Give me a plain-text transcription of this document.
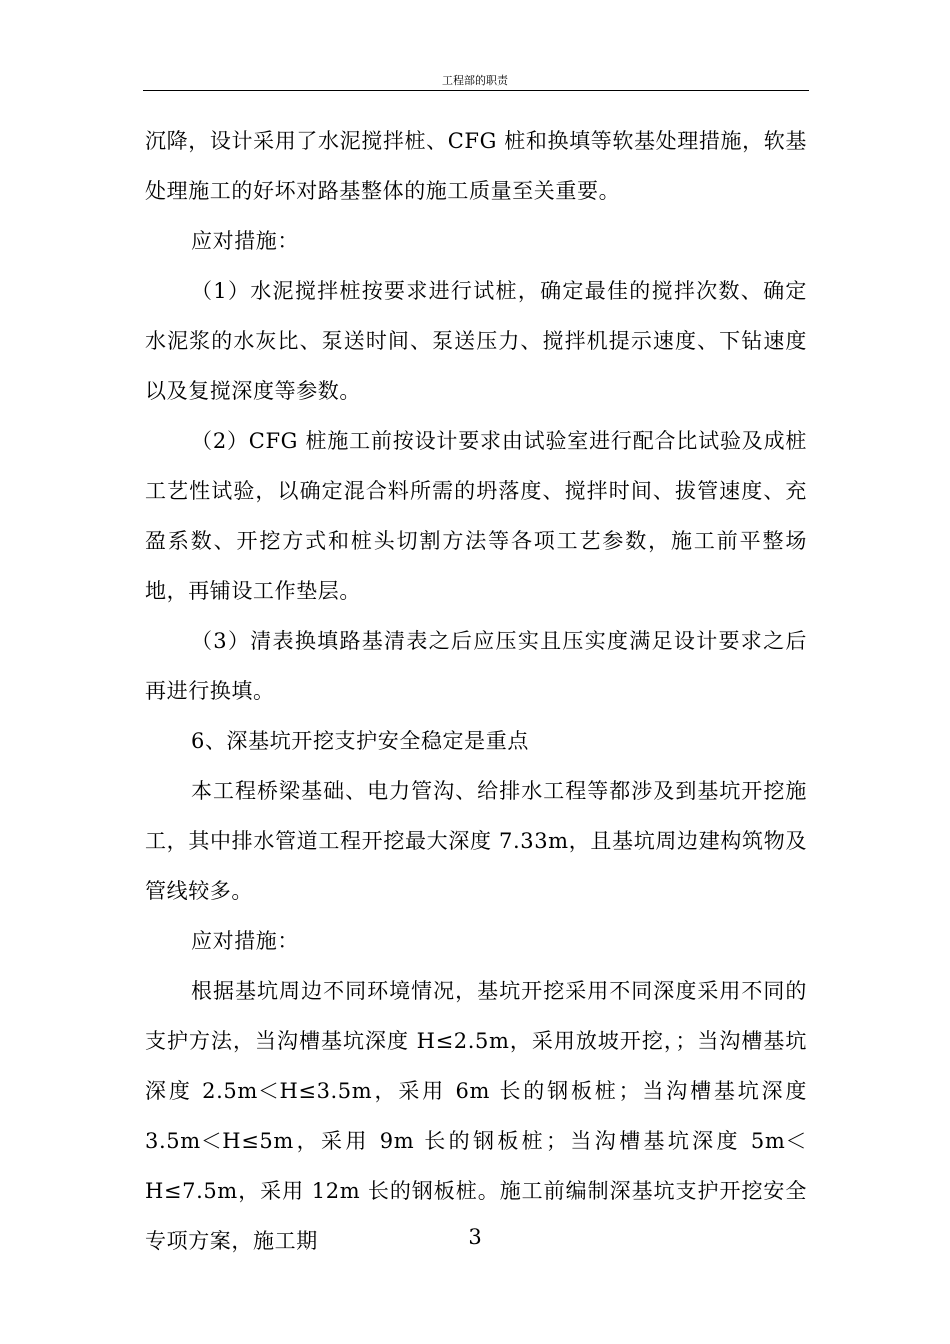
工程部的职责

沉降，设计采用了水泥搅拌桩、CFG 桩和换填等软基处理措施，软基处理施工的好坏对路基整体的施工质量至关重要。

应对措施：

（1）水泥搅拌桩按要求进行试桩，确定最佳的搅拌次数、确定水泥浆的水灰比、泵送时间、泵送压力、搅拌机提示速度、下钻速度以及复搅深度等参数。

（2）CFG 桩施工前按设计要求由试验室进行配合比试验及成桩工艺性试验，以确定混合料所需的坍落度、搅拌时间、拔管速度、充盈系数、开挖方式和桩头切割方法等各项工艺参数，施工前平整场地，再铺设工作垫层。

（3）清表换填路基清表之后应压实且压实度满足设计要求之后再进行换填。

6、深基坑开挖支护安全稳定是重点

本工程桥梁基础、电力管沟、给排水工程等都涉及到基坑开挖施工，其中排水管道工程开挖最大深度 7.33m，且基坑周边建构筑物及管线较多。

应对措施：

根据基坑周边不同环境情况，基坑开挖采用不同深度采用不同的支护方法，当沟槽基坑深度 H≤2.5m，采用放坡开挖，；当沟槽基坑深度 2.5m＜H≤3.5m，采用 6m 长的钢板桩；当沟槽基坑深度 3.5m＜H≤5m，采用 9m 长的钢板桩；当沟槽基坑深度 5m＜H≤7.5m，采用 12m 长的钢板桩。施工前编制深基坑支护开挖安全专项方案，施工期	3
